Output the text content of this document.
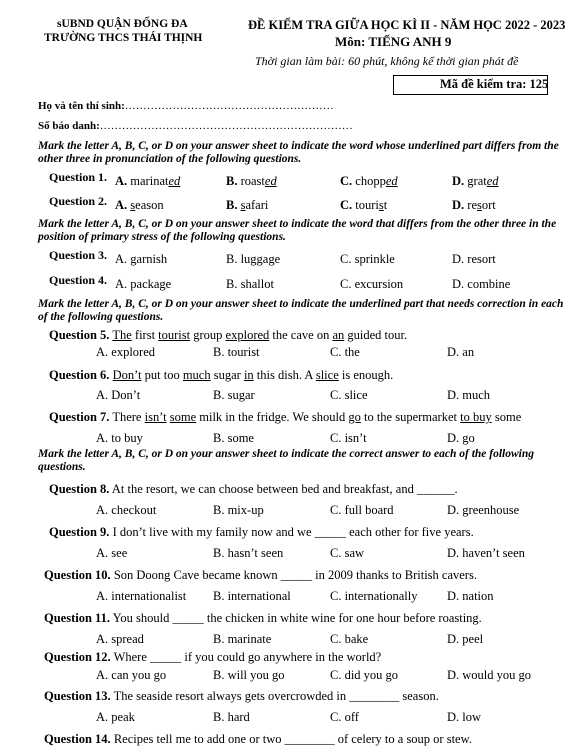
sUBND QUẬN ĐỐNG ĐA
TRƯỜNG THCS THÁI THỊNH
ĐỀ KIỂM TRA GIỮA HỌC KÌ II - NĂM HỌC 2022 - 2023
Môn: TIẾNG ANH 9
Thời gian làm bài: 60 phút, không kể thời gian phát đề
Mã đề kiểm tra: 125
Họ và tên thí sinh:…………………………………………………
Số báo danh:……………………………………………………………
Mark the letter A, B, C, or D on your answer sheet to indicate the word whose underlined part differs from the other three in pronunciation of the following questions.
Question 1. A. marinated	B. roasted	C. chopped	D. grated
Question 2. A. season	B. safari	C. tourist	D. resort
Mark the letter A, B, C, or D on your answer sheet to indicate the word that differs from the other three in the position of primary stress of the following questions.
Question 3. A. garnish	B. luggage	C. sprinkle	D. resort
Question 4. A. package	B. shallot	C. excursion	D. combine
Mark the letter A, B, C, or D on your answer sheet to indicate the underlined part that needs correction in each of the following questions.
Question 5. The first tourist group explored the cave on an guided tour.
A. explored	B. tourist	C. the	D. an
Question 6. Don’t put too much sugar in this dish. A slice is enough.
A. Don’t	B. sugar	C. slice	D. much
Question 7. There isn’t some milk in the fridge. We should go to the supermarket to buy some
A. to buy	B. some	C. isn’t	D. go
Mark the letter A, B, C, or D on your answer sheet to indicate the correct answer to each of the following questions.
Question 8. At the resort, we can choose between bed and breakfast, and ______.
A. checkout	B. mix-up	C. full board	D. greenhouse
Question 9. I don’t live with my family now and we _____ each other for five years.
A. see	B. hasn’t seen	C. saw	D. haven’t seen
Question 10. Son Doong Cave became known _____ in 2009 thanks to British cavers.
A. internationalist B. international	C. internationally D. nation
Question 11. You should _____ the chicken in white wine for one hour before roasting.
A. spread	B. marinate	C. bake	D. peel
Question 12. Where _____ if you could go anywhere in the world?
A. can you go	B. will you go	C. did you go	D. would you go
Question 13. The seaside resort always gets overcrowded in ________ season.
A. peak	B. hard	C. off	D. low
Question 14. Recipes tell me to add one or two ________ of celery to a soup or stew.
